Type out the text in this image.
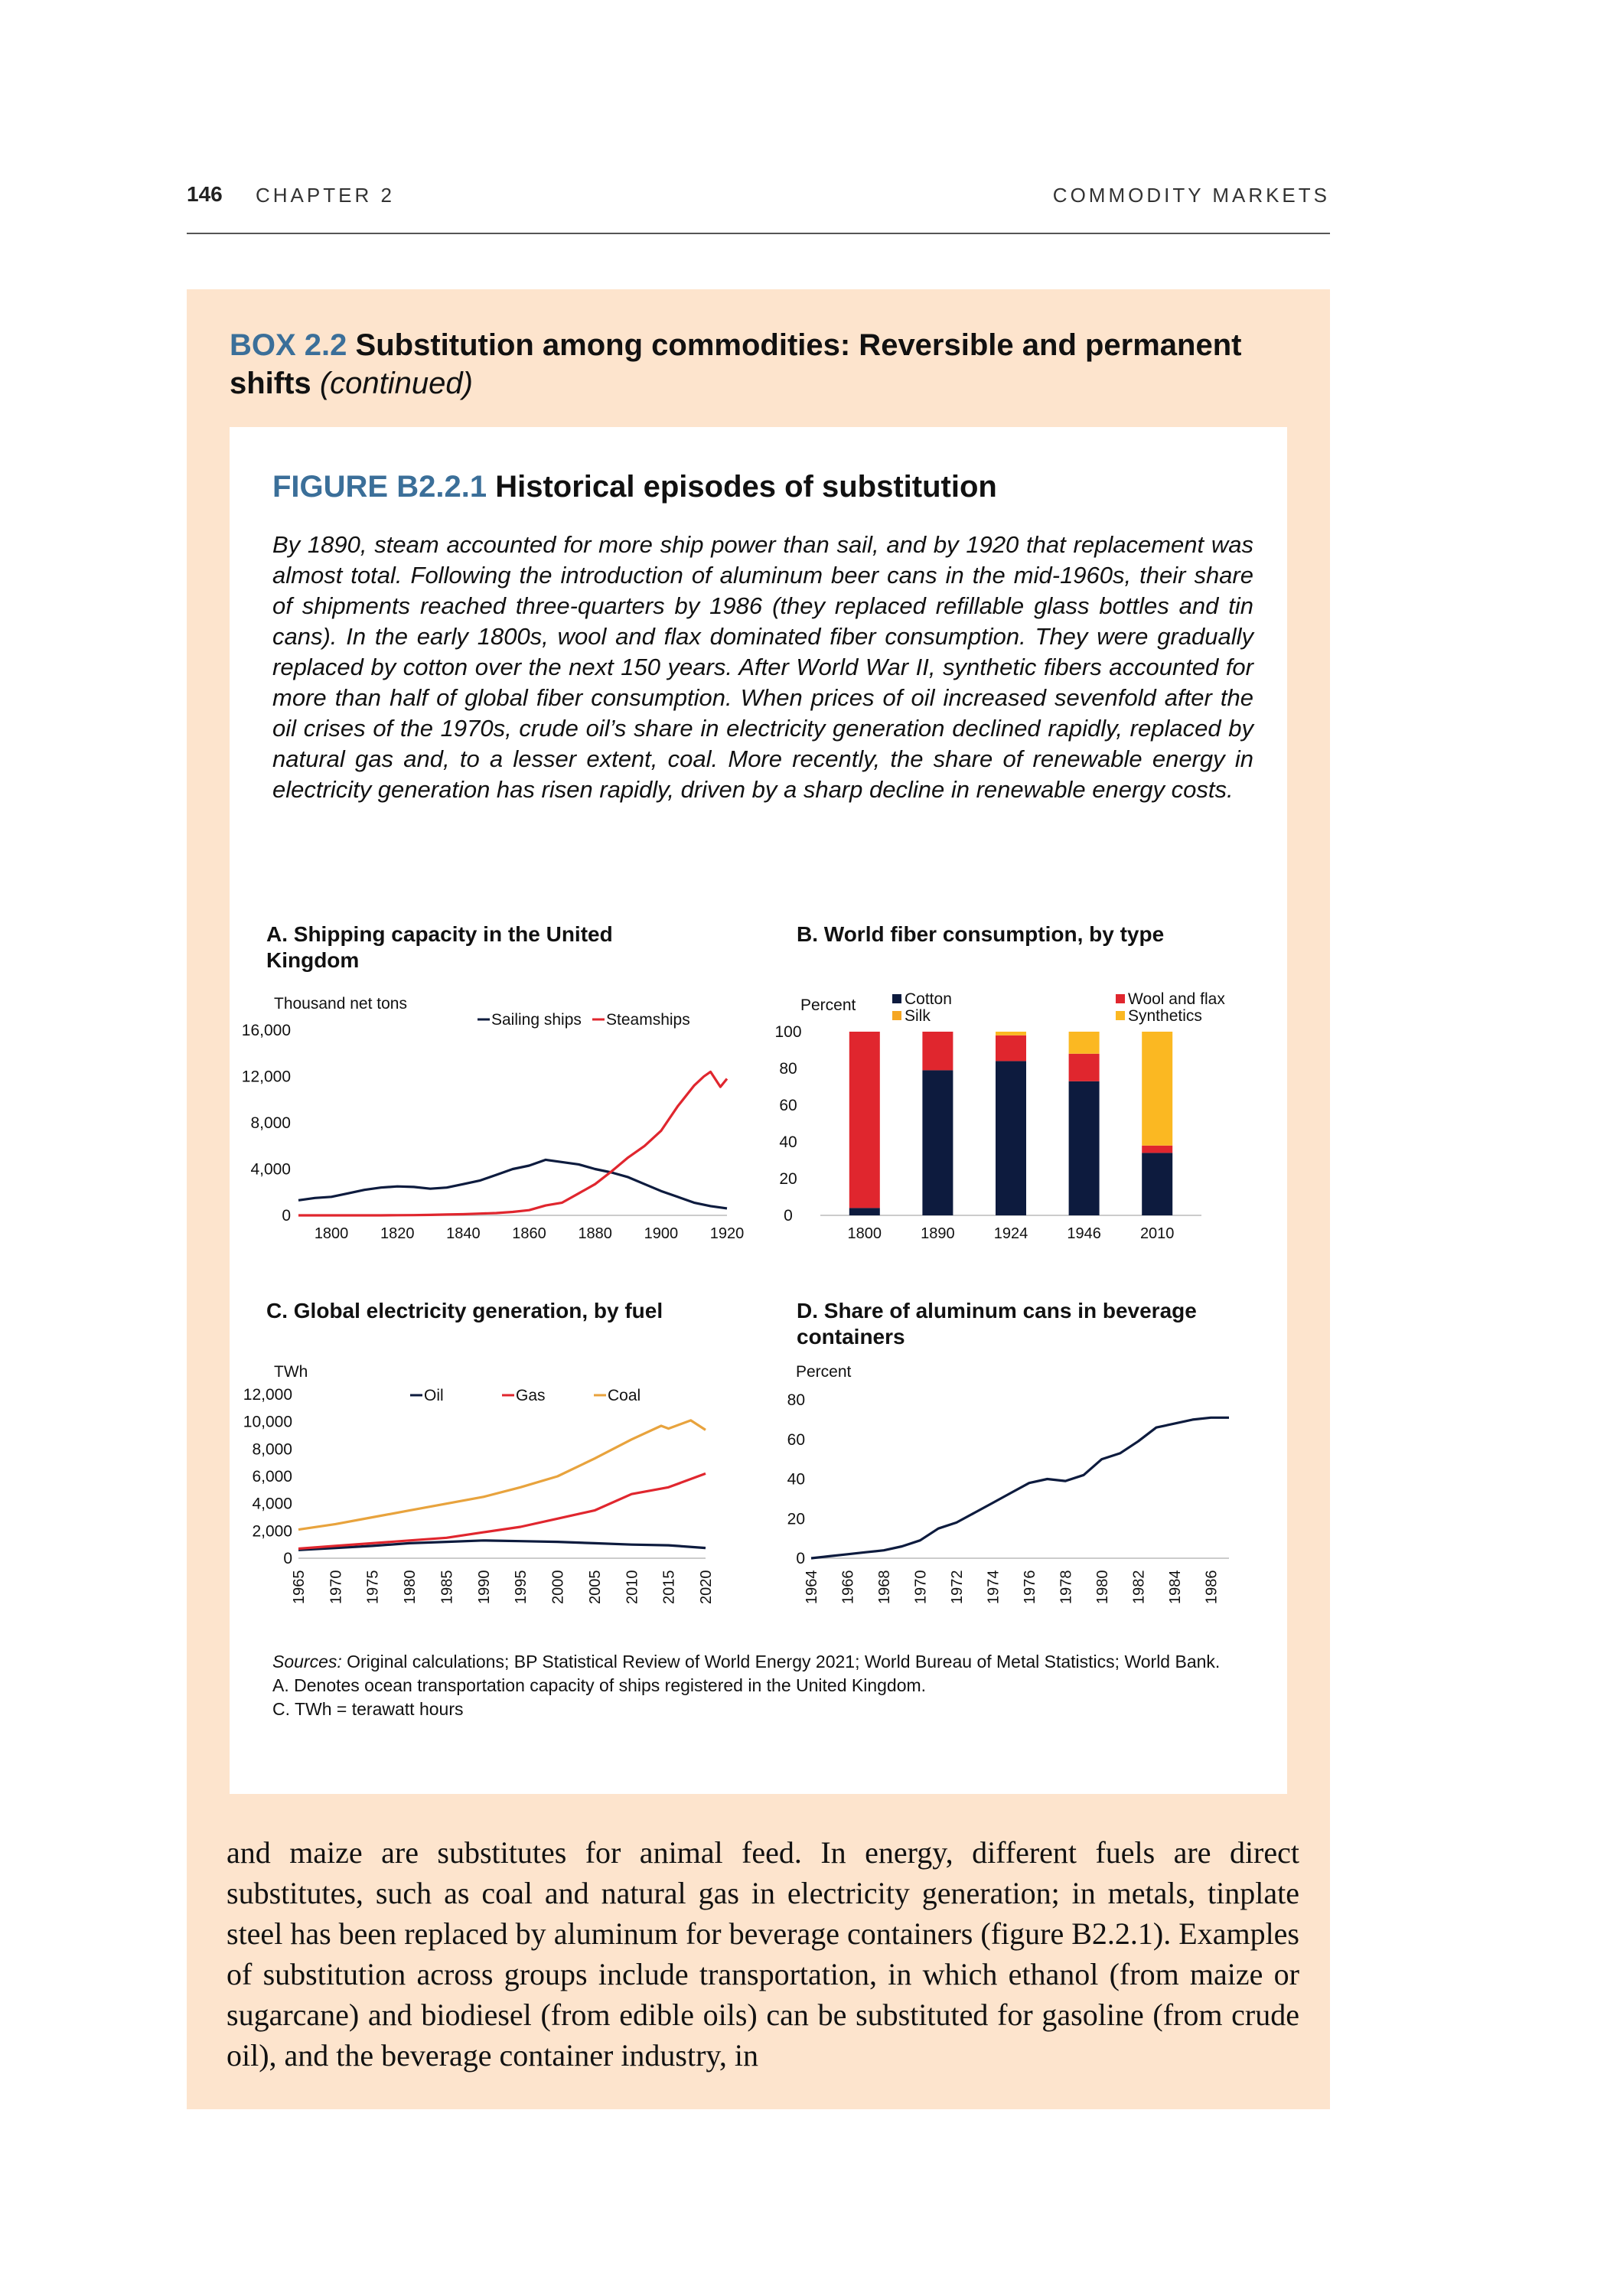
146 CHAPTER 2	COMMODITY MARKETS
BOX 2.2 Substitution among commodities: Reversible and permanent shifts (continued)
FIGURE B2.2.1 Historical episodes of substitution
By 1890, steam accounted for more ship power than sail, and by 1920 that replacement was almost total. Following the introduction of aluminum beer cans in the mid-1960s, their share of shipments reached three-quarters by 1986 (they replaced refillable glass bottles and tin cans). In the early 1800s, wool and flax dominated fiber consumption. They were gradually replaced by cotton over the next 150 years. After World War II, synthetic fibers accounted for more than half of global fiber consumption. When prices of oil increased sevenfold after the oil crises of the 1970s, crude oil’s share in electricity generation declined rapidly, replaced by natural gas and, to a lesser extent, coal. More recently, the share of renewable energy in electricity generation has risen rapidly, driven by a sharp decline in renewable energy costs.
A. Shipping capacity in the United Kingdom
Thousand net tons
0
4,000
8,000
12,000
16,000
1800 1820 1840 1860 1880 1900 1920
Sailing ships Steamships
B. World fiber consumption, by type
Percent
0
20
40
60
80
100
1800	1890	1924	1946	2010
Cotton
Silk
Wool and flax
Synthetics
C. Global electricity generation, by fuel
TWh
0
2,000
4,000
6,000
8,000
10,000
12,000
1965 1970 1975 1980 1985 1990 1995 2000 2005 2010 2015 2020
Oil	Gas	Coal
D. Share of aluminum cans in beverage containers
Percent
0
20
40
60
80
1964 1966 1968 1970 1972 1974 1976 1978 1980 1982 1984 1986

Sources: Original calculations; BP Statistical Review of World Energy 2021; World Bureau of Metal Statistics; World Bank.

A. Denotes ocean transportation capacity of ships registered in the United Kingdom.

C. TWh = terawatt hours

and maize are substitutes for animal feed. In energy, different fuels are direct substitutes, such as coal and natural gas in electricity generation; in metals, tinplate steel has been replaced by aluminum for beverage containers (figure B2.2.1). Examples of substitution across groups include transportation, in which ethanol (from maize or sugarcane) and biodiesel (from edible oils) can be substituted for gasoline (from crude oil), and the beverage container industry, in
